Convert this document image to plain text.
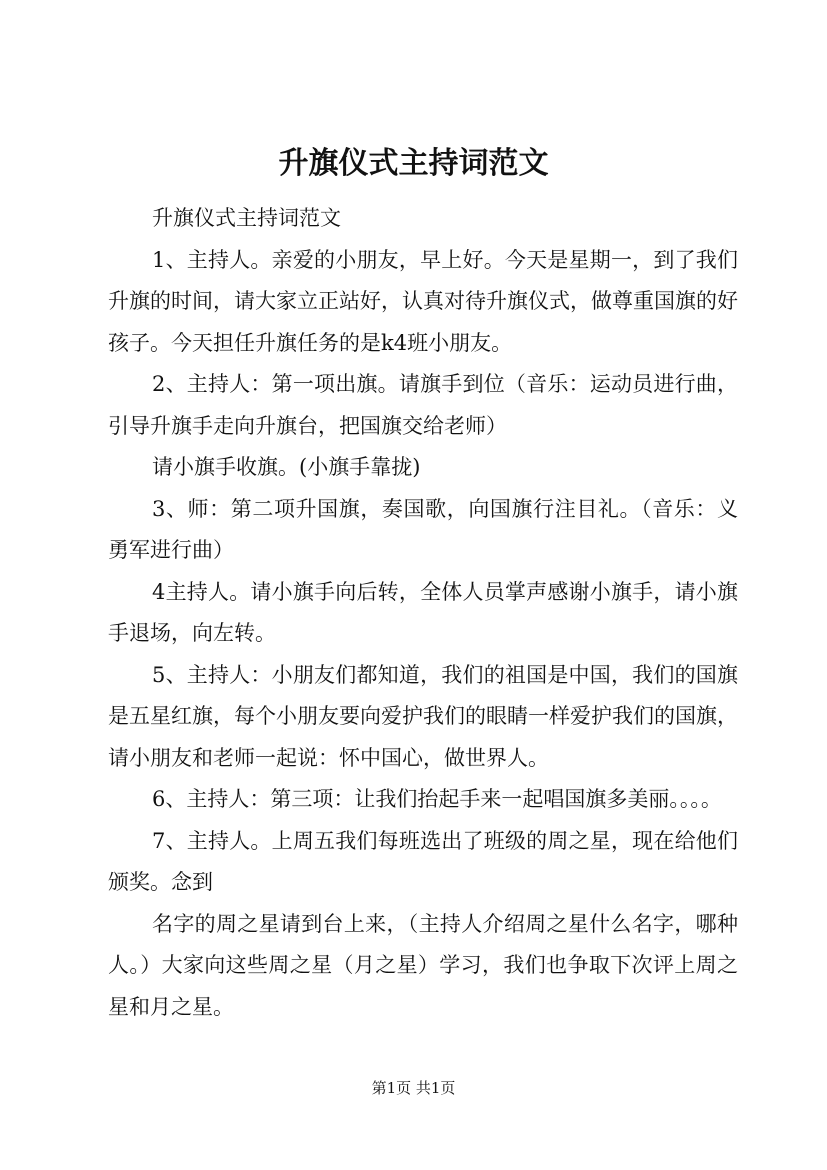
升旗仪式主持词范文

升旗仪式主持词范文

1、主持人。亲爱的小朋友，早上好。今天是星期一，到了我们升旗的时间，请大家立正站好，认真对待升旗仪式，做尊重国旗的好孩子。今天担任升旗任务的是k4班小朋友。

2、主持人：第一项出旗。请旗手到位（音乐：运动员进行曲，引导升旗手走向升旗台，把国旗交给老师）

请小旗手收旗。(小旗手靠拢)

3、师：第二项升国旗，奏国歌，向国旗行注目礼。（音乐：义勇军进行曲）

4主持人。请小旗手向后转，全体人员掌声感谢小旗手，请小旗手退场，向左转。

5、主持人：小朋友们都知道，我们的祖国是中国，我们的国旗是五星红旗，每个小朋友要向爱护我们的眼睛一样爱护我们的国旗，请小朋友和老师一起说：怀中国心，做世界人。

6、主持人：第三项：让我们抬起手来一起唱国旗多美丽。。。。

7、主持人。上周五我们每班选出了班级的周之星，现在给他们颁奖。念到

名字的周之星请到台上来，（主持人介绍周之星什么名字，哪种人。）大家向这些周之星（月之星）学习，我们也争取下次评上周之星和月之星。

第1页 共1页
